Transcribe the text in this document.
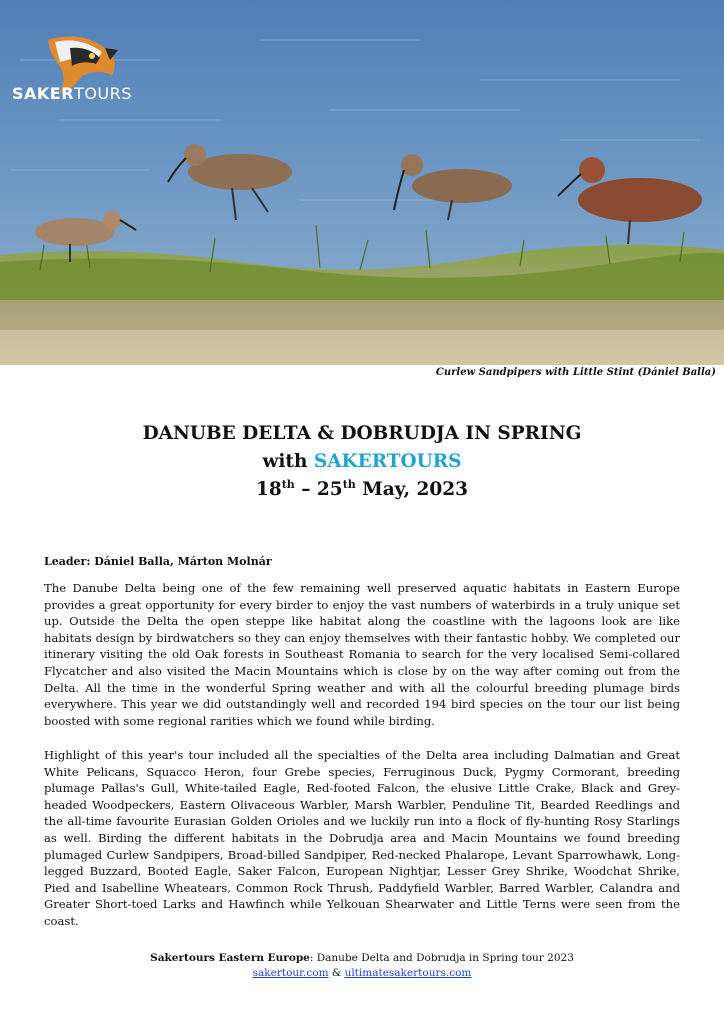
SAKERTOURS
Curlew Sandpipers with Little Stint (Dániel Balla)
DANUBE DELTA & DOBRUDJA IN SPRING
with SAKERTOURS
18th – 25th May, 2023
Leader: Dániel Balla, Márton Molnár

The Danube Delta being one of the few remaining well preserved aquatic habitats in Eastern Europe provides a great opportunity for every birder to enjoy the vast numbers of waterbirds in a truly unique set up. Outside the Delta the open steppe like habitat along the coastline with the lagoons look are like habitats design by birdwatchers so they can enjoy themselves with their fantastic hobby. We completed our itinerary visiting the old Oak forests in Southeast Romania to search for the very localised Semi-collared Flycatcher and also visited the Macin Mountains which is close by on the way after coming out from the Delta. All the time in the wonderful Spring weather and with all the colourful breeding plumage birds everywhere. This year we did outstandingly well and recorded 194 bird species on the tour our list being boosted with some regional rarities which we found while birding.

Highlight of this year's tour included all the specialties of the Delta area including Dalmatian and Great White Pelicans, Squacco Heron, four Grebe species, Ferruginous Duck, Pygmy Cormorant, breeding plumage Pallas's Gull, White-tailed Eagle, Red-footed Falcon, the elusive Little Crake, Black and Grey-headed Woodpeckers, Eastern Olivaceous Warbler, Marsh Warbler, Penduline Tit, Bearded Reedlings and the all-time favourite Eurasian Golden Orioles and we luckily run into a flock of fly-hunting Rosy Starlings as well. Birding the different habitats in the Dobrudja area and Macin Mountains we found breeding plumaged Curlew Sandpipers, Broad-billed Sandpiper, Red-necked Phalarope, Levant Sparrowhawk, Long-legged Buzzard, Booted Eagle, Saker Falcon, European Nightjar, Lesser Grey Shrike, Woodchat Shrike, Pied and Isabelline Wheatears, Common Rock Thrush, Paddyfield Warbler, Barred Warbler, Calandra and Greater Short-toed Larks and Hawfinch while Yelkouan Shearwater and Little Terns were seen from the coast.

Sakertours Eastern Europe: Danube Delta and Dobrudja in Spring tour 2023
sakertour.com & ultimatesakertours.com
